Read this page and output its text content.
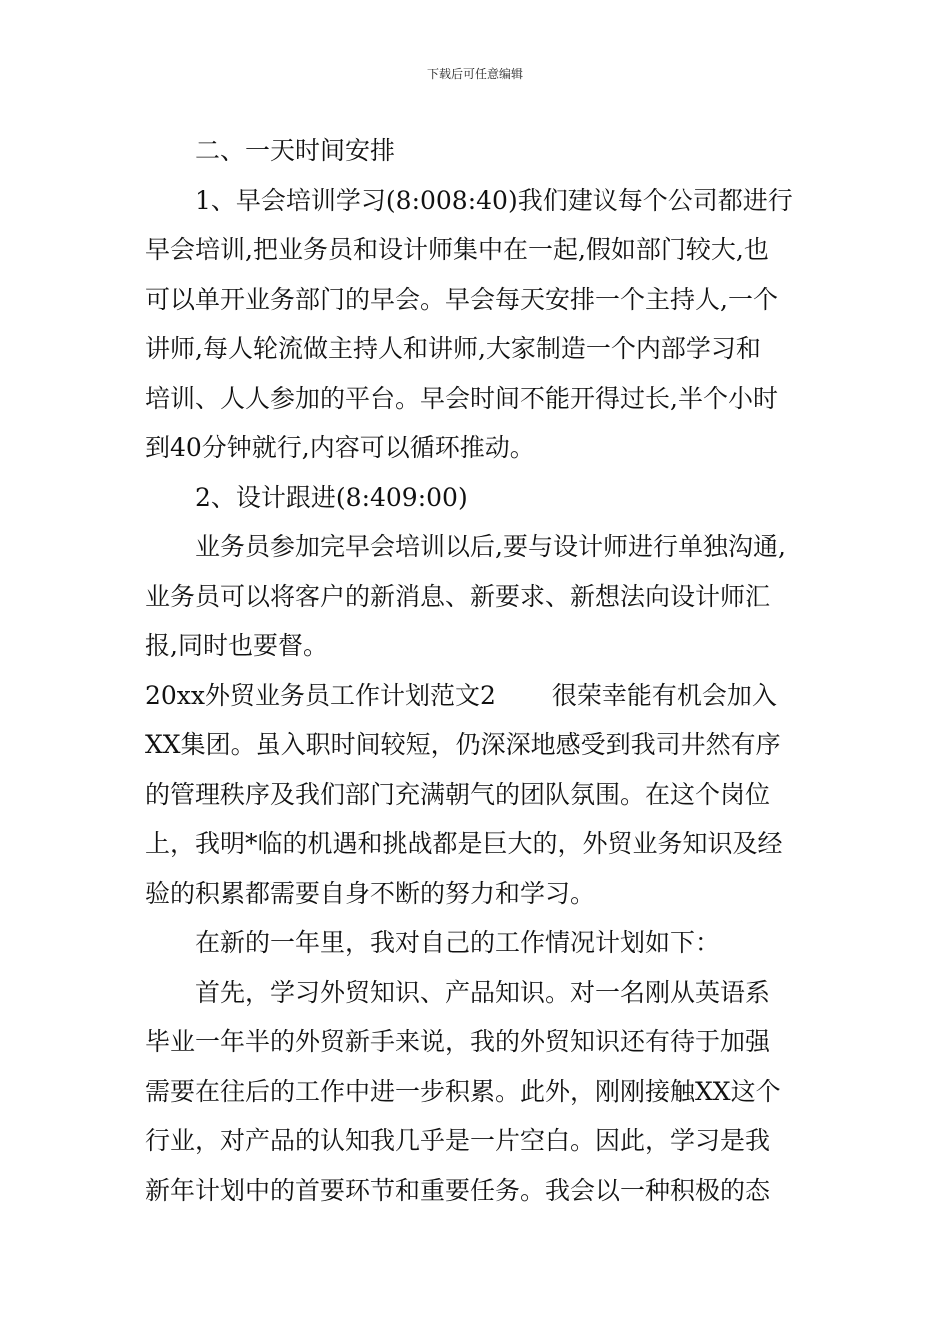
下载后可任意编辑
二、一天时间安排
1、早会培训学习(8:008:40)我们建议每个公司都进行
早会培训,把业务员和设计师集中在一起,假如部门较大,也
可以单开业务部门的早会。早会每天安排一个主持人,一个
讲师,每人轮流做主持人和讲师,大家制造一个内部学习和
培训、人人参加的平台。早会时间不能开得过长,半个小时
到40分钟就行,内容可以循环推动。
2、设计跟进(8:409:00)
业务员参加完早会培训以后,要与设计师进行单独沟通,
业务员可以将客户的新消息、新要求、新想法向设计师汇
报,同时也要督。
20xx外贸业务员工作计划范文2 很荣幸能有机会加入
XX集团。虽入职时间较短，仍深深地感受到我司井然有序
的管理秩序及我们部门充满朝气的团队氛围。在这个岗位
上，我明*临的机遇和挑战都是巨大的，外贸业务知识及经
验的积累都需要自身不断的努力和学习。
在新的一年里，我对自己的工作情况计划如下：
首先，学习外贸知识、产品知识。对一名刚从英语系
毕业一年半的外贸新手来说，我的外贸知识还有待于加强
需要在往后的工作中进一步积累。此外，刚刚接触XX这个
行业，对产品的认知我几乎是一片空白。因此，学习是我
新年计划中的首要环节和重要任务。我会以一种积极的态
